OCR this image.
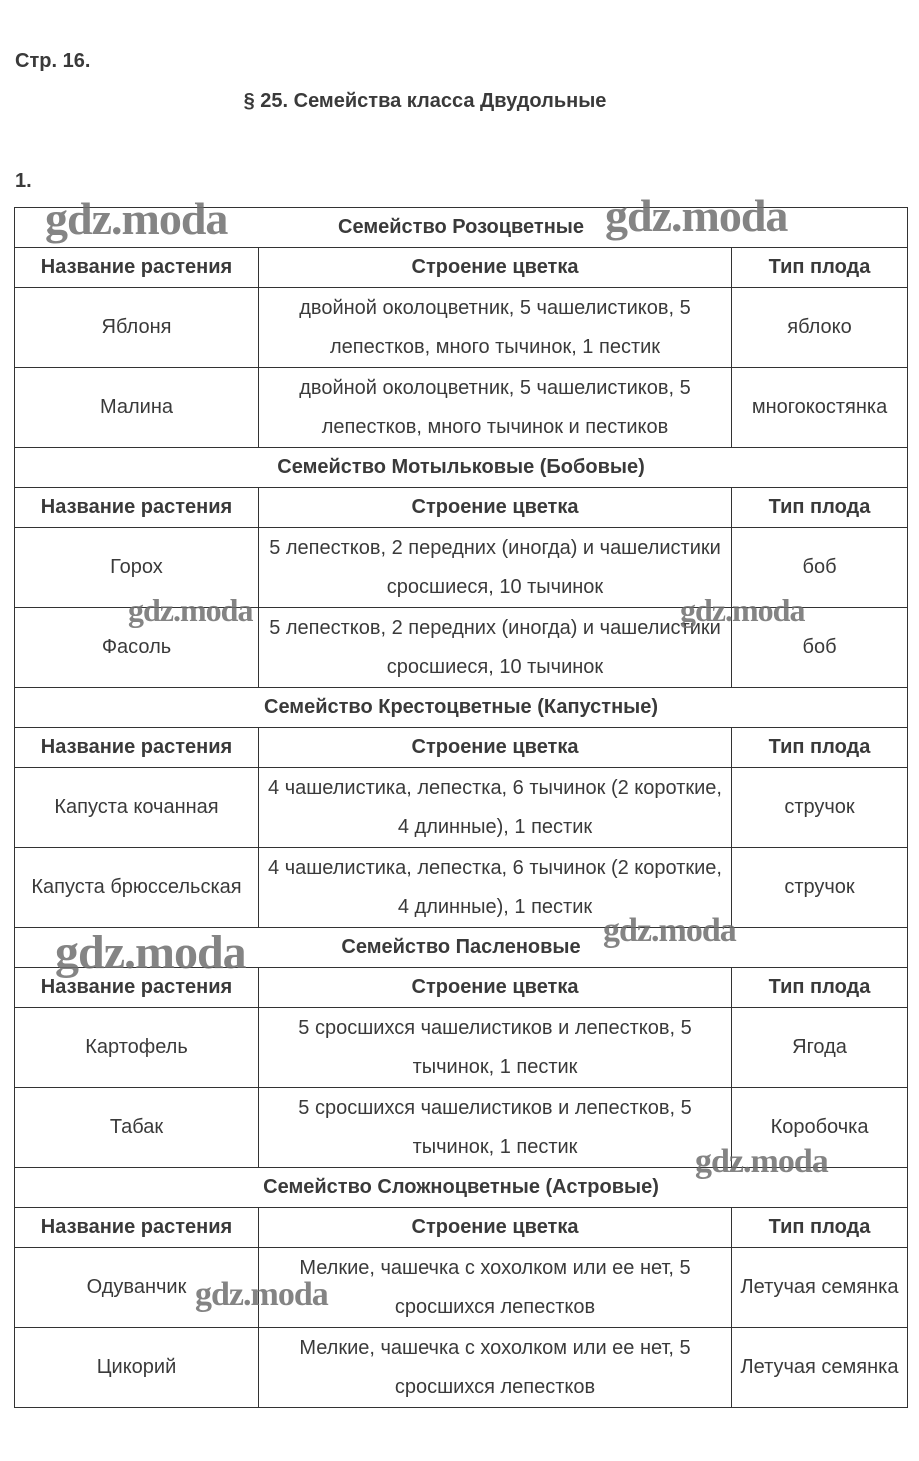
Стр. 16.
§ 25. Семейства класса Двудольные
1.
Семейство Розоцветные		
Название растения	Строение цветка	Тип плода
Яблоня	двойной околоцветник, 5 чашелистиков, 5 лепестков, много тычинок, 1 пестик	яблоко
Малина	двойной околоцветник, 5 чашелистиков, 5 лепестков, много тычинок и пестиков	многокостянка
Семейство Мотыльковые (Бобовые)		
Название растения	Строение цветка	Тип плода
Горох	5 лепестков, 2 передних (иногда) и чашелистики сросшиеся, 10 тычинок	боб
Фасоль	5 лепестков, 2 передних (иногда) и чашелистики сросшиеся, 10 тычинок	боб
Семейство Крестоцветные (Капустные)		
Название растения	Строение цветка	Тип плода
Капуста кочанная	4 чашелистика, лепестка, 6 тычинок (2 короткие, 4 длинные), 1 пестик	стручок
Капуста брюссельская	4 чашелистика, лепестка, 6 тычинок (2 короткие, 4 длинные), 1 пестик	стручок
Семейство Пасленовые		
Название растения	Строение цветка	Тип плода
Картофель	5 сросшихся чашелистиков и лепестков, 5 тычинок, 1 пестик	Ягода
Табак	5 сросшихся чашелистиков и лепестков, 5 тычинок, 1 пестик	Коробочка
Семейство Сложноцветные (Астровые)		
Название растения	Строение цветка	Тип плода
Одуванчик	Мелкие, чашечка с хохолком или ее нет, 5 сросшихся лепестков	Летучая семянка
Цикорий	Мелкие, чашечка с хохолком или ее нет, 5 сросшихся лепестков	Летучая семянка
gdz.moda	gdz.moda
gdz.moda	gdz.moda
gdz.moda	gdz.moda
gdz.moda
gdz.moda
